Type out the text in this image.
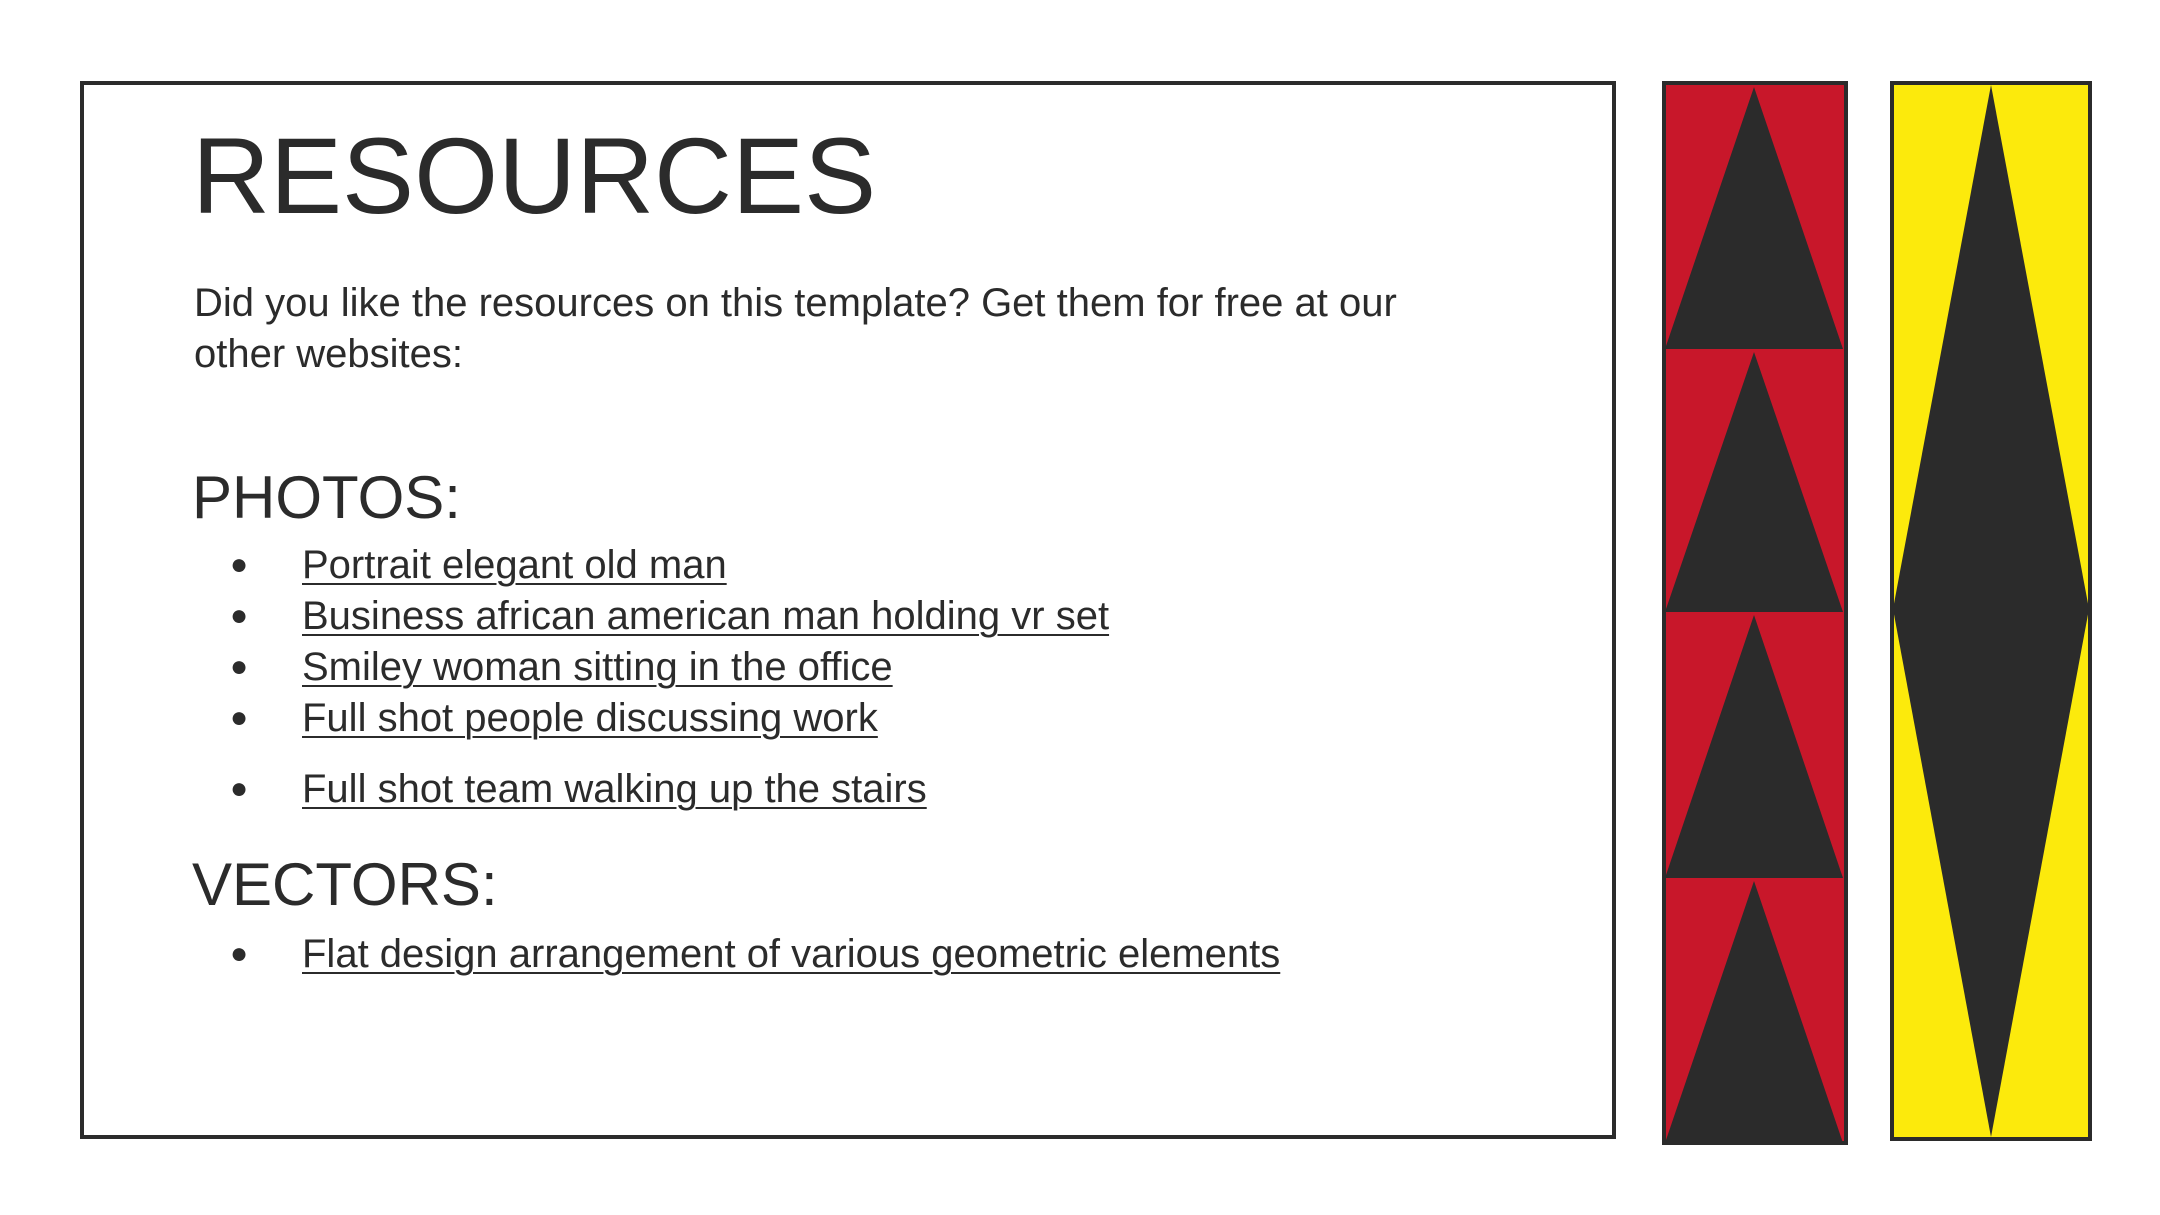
RESOURCES

Did you like the resources on this template? Get them for free at our other websites:

PHOTOS:
● Portrait elegant old man
● Business african american man holding vr set
● Smiley woman sitting in the office
● Full shot people discussing work
● Full shot team walking up the stairs
VECTORS:
● Flat design arrangement of various geometric elements
